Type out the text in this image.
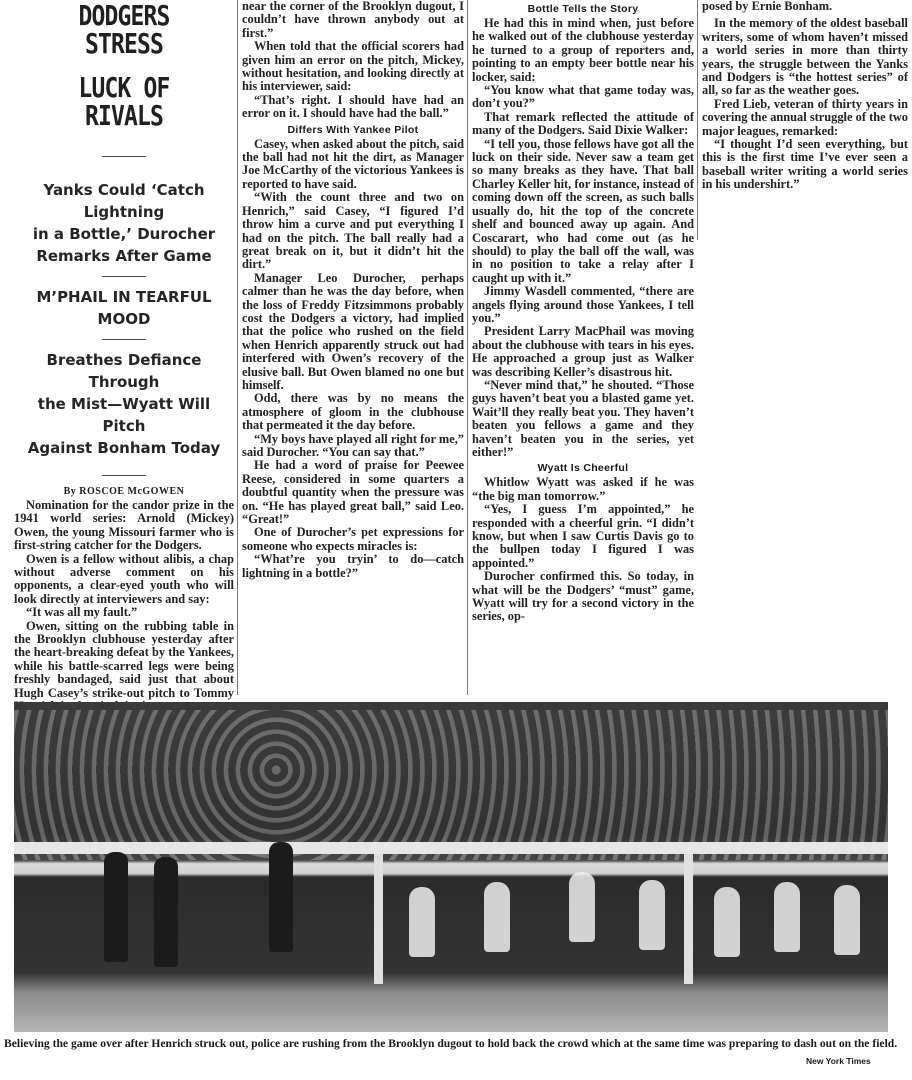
DODGERS STRESS
LUCK OF RIVALS
Yanks Could ‘Catch Lightning
in a Bottle,’ Durocher
Remarks After Game
M’PHAIL IN TEARFUL MOOD
Breathes Defiance Through
the Mist—Wyatt Will Pitch
Against Bonham Today
By ROSCOE McGOWEN

Nomination for the candor prize in the 1941 world series: Arnold (Mickey) Owen, the young Missouri farmer who is first-string catcher for the Dodgers.

Owen is a fellow without alibis, a chap without adverse comment on his opponents, a clear-eyed youth who will look directly at interviewers and say:

“It was all my fault.”

Owen, sitting on the rubbing table in the Brooklyn clubhouse yesterday after the heart-breaking defeat by the Yankees, while his battle-scarred legs were being freshly bandaged, said just that about Hugh Casey’s strike-out pitch to Tommy

near the corner of the Brooklyn dugout, I couldn’t have thrown anybody out at first.”

When told that the official scorers had given him an error on the pitch, Mickey, without hesitation, and looking directly at his interviewer, said:

“That’s right. I should have had an error on it. I should have had the ball.”

Differs With Yankee Pilot

Casey, when asked about the pitch, said the ball had not hit the dirt, as Manager Joe McCarthy of the victorious Yankees is reported to have said.

“With the count three and two on Henrich,” said Casey, “I figured I’d throw him a curve and put everything I had on the pitch. The ball really had a great break on it, but it didn’t hit the dirt.”

Manager Leo Durocher, perhaps calmer than he was the day before, when the loss of Freddy Fitzsimmons probably cost the Dodgers a victory, had implied that the police who rushed on the field when Henrich apparently struck out had interfered with Owen’s recovery of the elusive ball. But Owen blamed no one but himself.

Odd, there was by no means the atmosphere of gloom in the clubhouse that permeated it the day before.

“My boys have played all right for me,” said Durocher. “You can say that.”

He had a word of praise for Peewee Reese, considered in some quarters a doubtful quantity when the pressure was on. “He has played great ball,” said Leo. “Great!”

One of Durocher’s pet expressions for someone who expects miracles is:

“What’re you tryin’ to do—catch lightning in a bottle?”

Bottle Tells the Story

He had this in mind when, just before he walked out of the clubhouse yesterday he turned to a group of reporters and, pointing to an empty beer bottle near his locker, said:

“You know what that game today was, don’t you?”

That remark reflected the attitude of many of the Dodgers. Said Dixie Walker:

“I tell you, those fellows have got all the luck on their side. Never saw a team get so many breaks as they have. That ball Charley Keller hit, for instance, instead of coming down off the screen, as such balls usually do, hit the top of the concrete shelf and bounced away up again. And Coscarart, who had come out (as he should) to play the ball off the wall, was in no position to take a relay after I caught up with it.”

Jimmy Wasdell commented, “there are angels flying around those Yankees, I tell you.”

President Larry MacPhail was moving about the clubhouse with tears in his eyes. He approached a group just as Walker was describing Keller’s disastrous hit.

“Never mind that,” he shouted. “Those guys haven’t beat you a blasted game yet. Wait’ll they really beat you. They haven’t beaten you fellows a game and they haven’t beaten you in the series, yet either!”

Wyatt Is Cheerful

Whitlow Wyatt was asked if he was “the big man tomorrow.”

“Yes, I guess I’m appointed,” he responded with a cheerful grin. “I didn’t know, but when I saw Curtis Davis go to the bullpen today I figured I was appointed.”

Durocher confirmed this. So today, in what will be the Dodgers’ “must” game, Wyatt will try for a second victory in the series, op-

posed by Ernie Bonham.

In the memory of the oldest baseball writers, some of whom haven’t missed a world series in more than thirty years, the struggle between the Yanks and Dodgers is “the hottest series” of all, so far as the weather goes.

Fred Lieb, veteran of thirty years in covering the annual struggle of the two major leagues, remarked:

“I thought I’d seen everything, but this is the first time I’ve ever seen a baseball writer writing a world series in his undershirt.”

Believing the game over after Henrich struck out, police are rushing from the Brooklyn dugout to hold back the crowd which at the same time was preparing to dash out on the field.

New York Times
